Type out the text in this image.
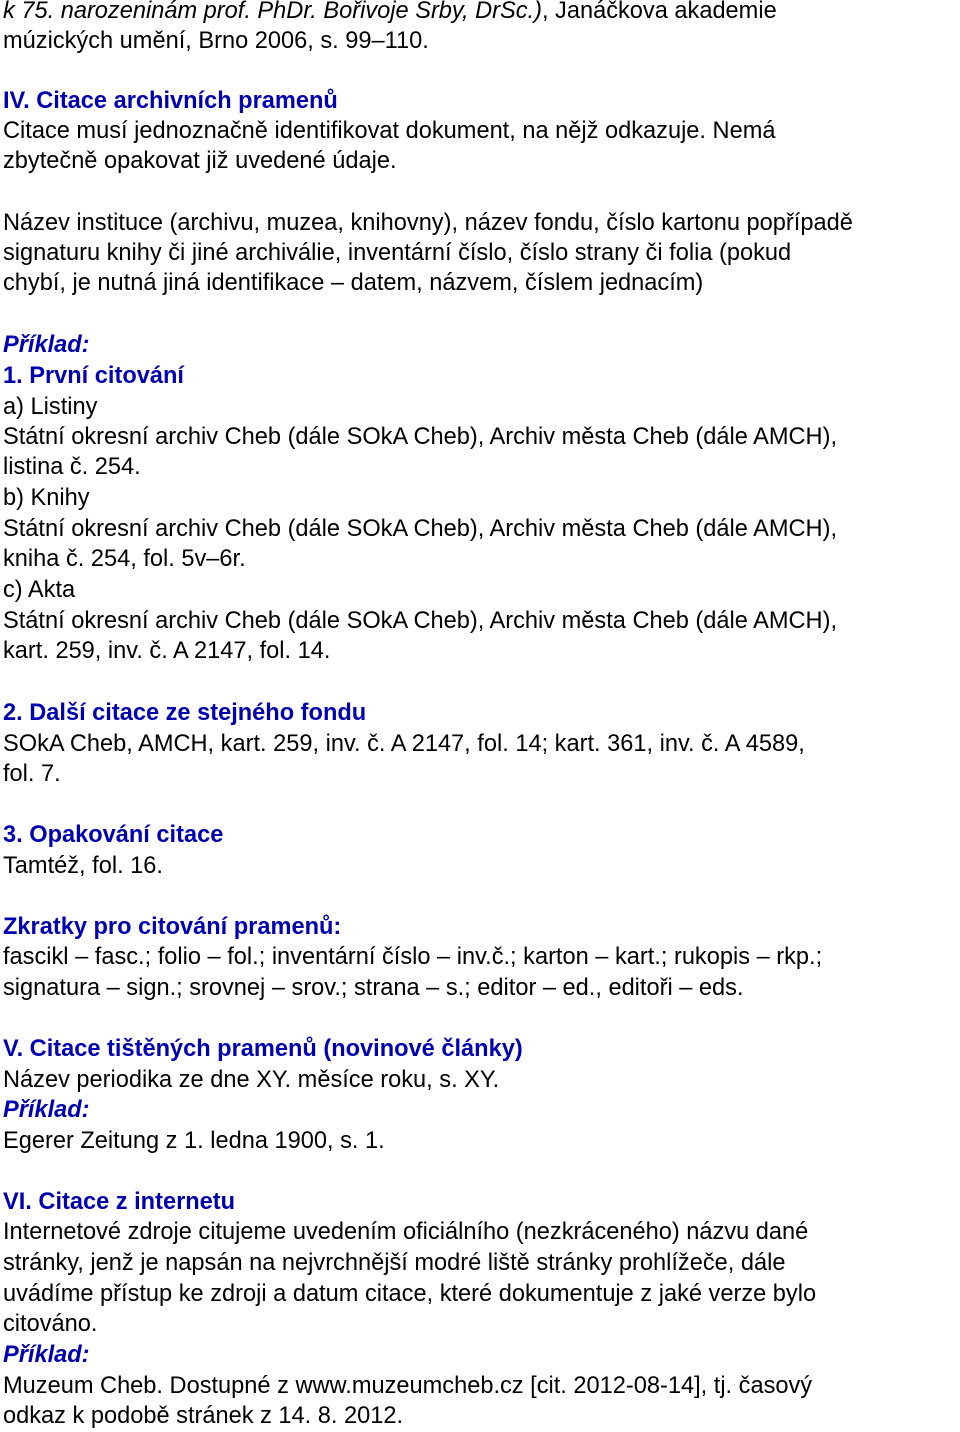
k 75. narozeninám prof. PhDr. Bořivoje Srby, DrSc.), Janáčkova akademie

múzických umění, Brno 2006, s. 99–110.

IV. Citace archivních pramenů

Citace musí jednoznačně identifikovat dokument, na nějž odkazuje. Nemá

zbytečně opakovat již uvedené údaje.

Název instituce (archivu, muzea, knihovny), název fondu, číslo kartonu popřípadě

signaturu knihy či jiné archiválie, inventární číslo, číslo strany či folia (pokud

chybí, je nutná jiná identifikace – datem, názvem, číslem jednacím)

Příklad:

1. První citování

a) Listiny

Státní okresní archiv Cheb (dále SOkA Cheb), Archiv města Cheb (dále AMCH),

listina č. 254.

b) Knihy

Státní okresní archiv Cheb (dále SOkA Cheb), Archiv města Cheb (dále AMCH),

kniha č. 254, fol. 5v–6r.

c) Akta

Státní okresní archiv Cheb (dále SOkA Cheb), Archiv města Cheb (dále AMCH),

kart. 259, inv. č. A 2147, fol. 14.

2. Další citace ze stejného fondu

SOkA Cheb, AMCH, kart. 259, inv. č. A 2147, fol. 14; kart. 361, inv. č. A 4589,

fol. 7.

3. Opakování citace

Tamtéž, fol. 16.

Zkratky pro citování pramenů:

fascikl – fasc.; folio – fol.; inventární číslo – inv.č.; karton – kart.; rukopis – rkp.;

signatura – sign.; srovnej – srov.; strana – s.; editor – ed., editoři – eds.

V. Citace tištěných pramenů (novinové články)

Název periodika ze dne XY. měsíce roku, s. XY.

Příklad:

Egerer Zeitung z 1. ledna 1900, s. 1.

VI. Citace z internetu

Internetové zdroje citujeme uvedením oficiálního (nezkráceného) názvu dané

stránky, jenž je napsán na nejvrchnější modré liště stránky prohlížeče, dále

uvádíme přístup ke zdroji a datum citace, které dokumentuje z jaké verze bylo

citováno.

Příklad:

Muzeum Cheb. Dostupné z www.muzeumcheb.cz [cit. 2012-08-14], tj. časový

odkaz k podobě stránek z 14. 8. 2012.
